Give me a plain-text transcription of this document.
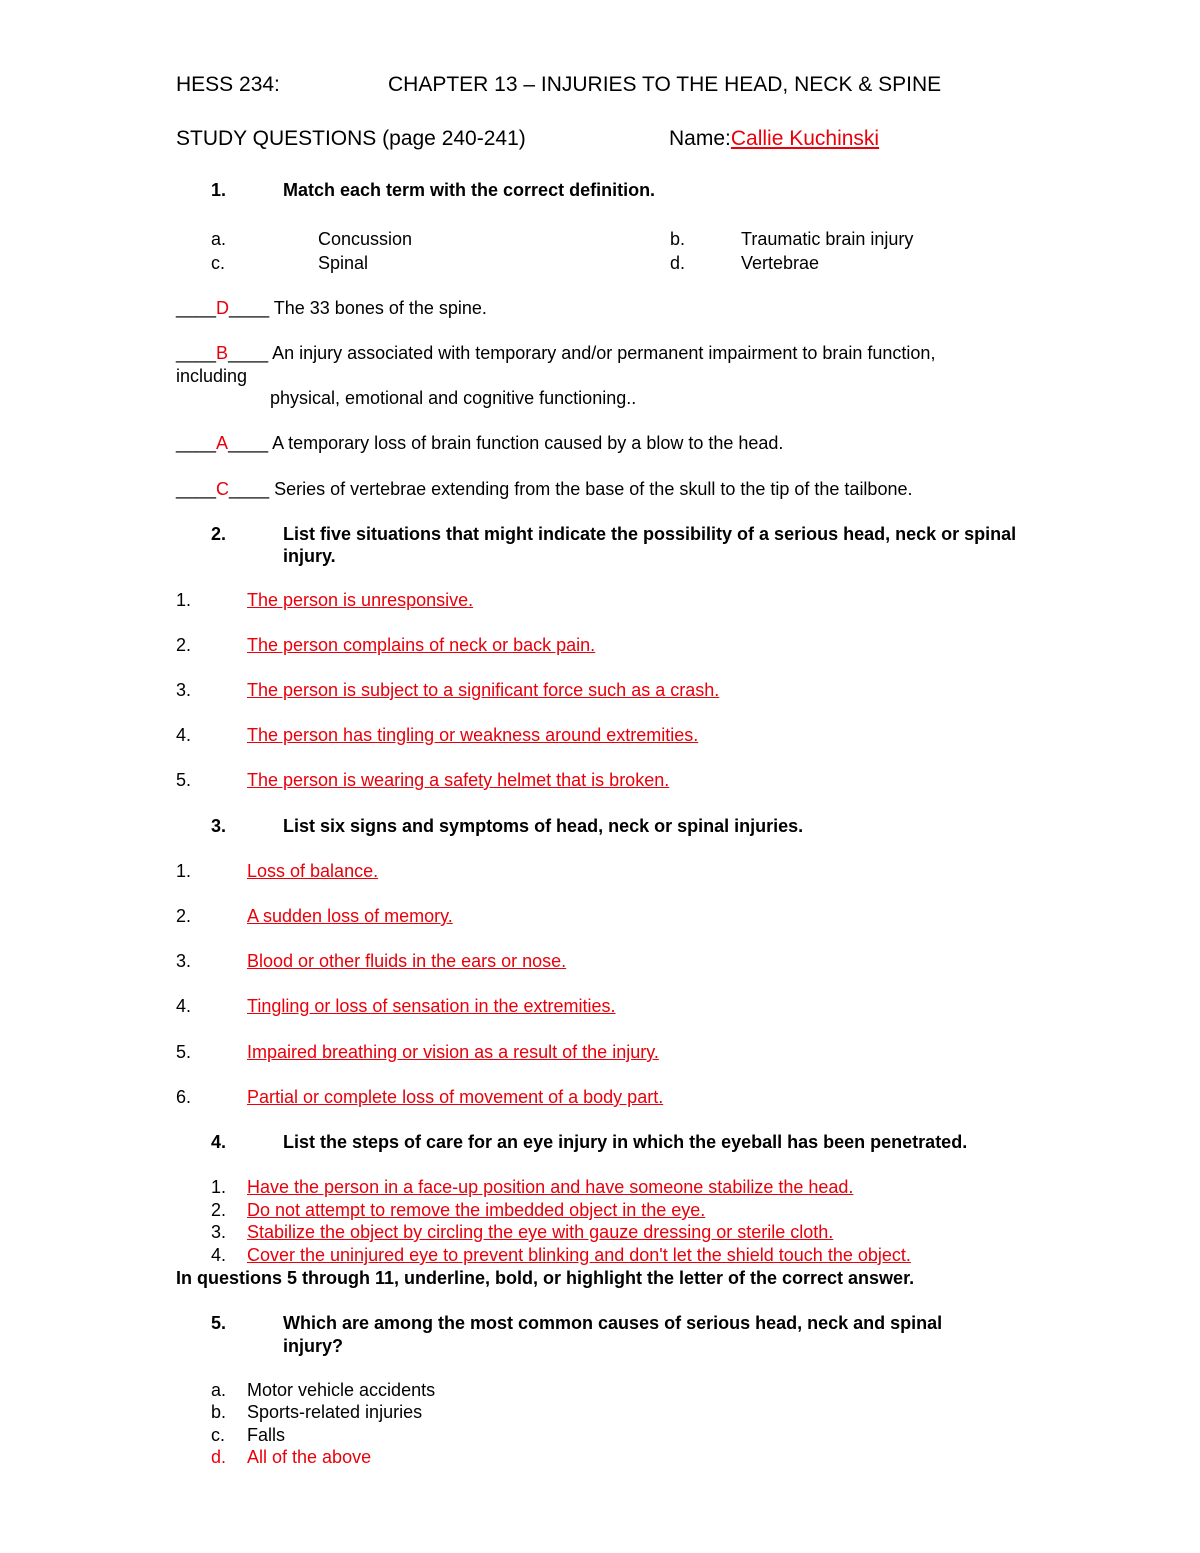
HESS 234:	CHAPTER 13 – INJURIES TO THE HEAD, NECK & SPINE
STUDY QUESTIONS (page 240-241)	Name:Callie Kuchinski
1.	Match each term with the correct definition.
a.	Concussion	b.	Traumatic brain injury
c.	Spinal	d.	Vertebrae
____D____ The 33 bones of the spine.
____B____ An injury associated with temporary and/or permanent impairment to brain function,
including
physical, emotional and cognitive functioning..
____A____ A temporary loss of brain function caused by a blow to the head.
____C____ Series of vertebrae extending from the base of the skull to the tip of the tailbone.
2.	List five situations that might indicate the possibility of a serious head, neck or spinal
injury.
1.	The person is unresponsive.
2.	The person complains of neck or back pain.
3.	The person is subject to a significant force such as a crash.
4.	The person has tingling or weakness around extremities.
5.	The person is wearing a safety helmet that is broken.
3.	List six signs and symptoms of head, neck or spinal injuries.
1.	Loss of balance.
2.	A sudden loss of memory.
3.	Blood or other fluids in the ears or nose.
4.	Tingling or loss of sensation in the extremities.
5.	Impaired breathing or vision as a result of the injury.
6.	Partial or complete loss of movement of a body part.
4.	List the steps of care for an eye injury in which the eyeball has been penetrated.
1. Have the person in a face-up position and have someone stabilize the head.
2. Do not attempt to remove the imbedded object in the eye.
3. Stabilize the object by circling the eye with gauze dressing or sterile cloth.
4. Cover the uninjured eye to prevent blinking and don't let the shield touch the object.
In questions 5 through 11, underline, bold, or highlight the letter of the correct answer.
5.	Which are among the most common causes of serious head, neck and spinal
injury?
a. Motor vehicle accidents
b. Sports-related injuries
c. Falls
d. All of the above
